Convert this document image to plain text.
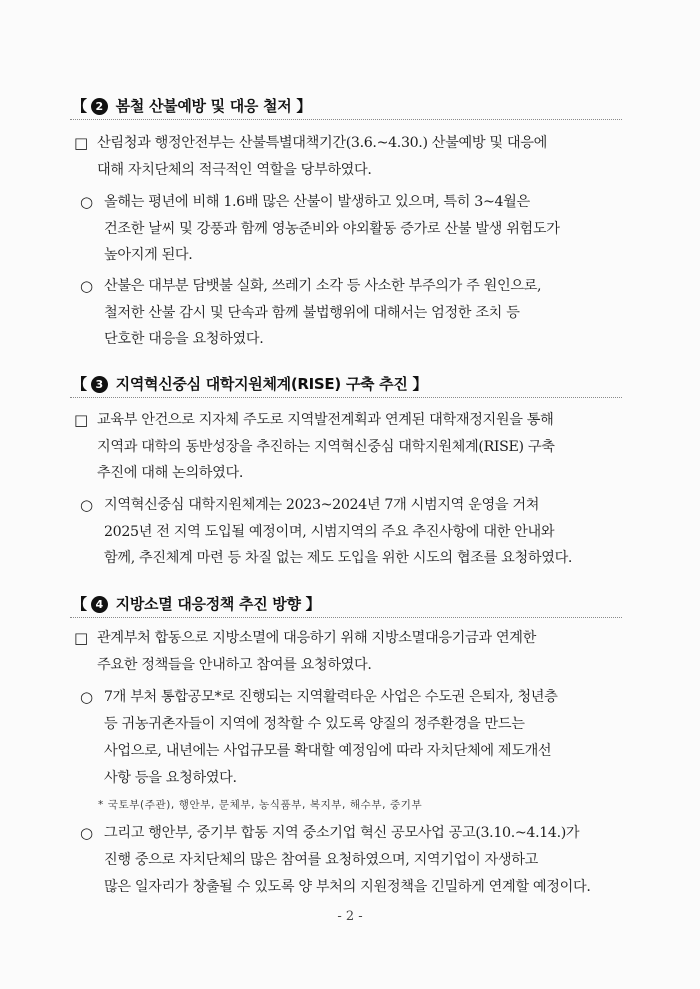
【 2 봄철 산불예방 및 대응 철저 】
□ 산림청과 행정안전부는 산불특별대책기간(3.6.~4.30.) 산불예방 및 대응에
대해 자치단체의 적극적인 역할을 당부하였다.
○ 올해는 평년에 비해 1.6배 많은 산불이 발생하고 있으며, 특히 3~4월은
건조한 날씨 및 강풍과 함께 영농준비와 야외활동 증가로 산불 발생 위험도가
높아지게 된다.
○ 산불은 대부분 담뱃불 실화, 쓰레기 소각 등 사소한 부주의가 주 원인으로,
철저한 산불 감시 및 단속과 함께 불법행위에 대해서는 엄정한 조치 등
단호한 대응을 요청하였다.
【 3 지역혁신중심 대학지원체계(RISE) 구축 추진 】
□ 교육부 안건으로 지자체 주도로 지역발전계획과 연계된 대학재정지원을 통해
지역과 대학의 동반성장을 추진하는 지역혁신중심 대학지원체계(RISE) 구축
추진에 대해 논의하였다.
○ 지역혁신중심 대학지원체계는 2023~2024년 7개 시범지역 운영을 거쳐
2025년 전 지역 도입될 예정이며, 시범지역의 주요 추진사항에 대한 안내와
함께, 추진체계 마련 등 차질 없는 제도 도입을 위한 시도의 협조를 요청하였다.
【 4 지방소멸 대응정책 추진 방향 】
□ 관계부처 합동으로 지방소멸에 대응하기 위해 지방소멸대응기금과 연계한
주요한 정책들을 안내하고 참여를 요청하였다.
○ 7개 부처 통합공모*로 진행되는 지역활력타운 사업은 수도권 은퇴자, 청년층
등 귀농귀촌자들이 지역에 정착할 수 있도록 양질의 정주환경을 만드는
사업으로, 내년에는 사업규모를 확대할 예정임에 따라 자치단체에 제도개선
사항 등을 요청하였다.
* 국토부(주관), 행안부, 문체부, 농식품부, 복지부, 해수부, 중기부
○ 그리고 행안부, 중기부 합동 지역 중소기업 혁신 공모사업 공고(3.10.~4.14.)가
진행 중으로 자치단체의 많은 참여를 요청하였으며, 지역기업이 자생하고
많은 일자리가 창출될 수 있도록 양 부처의 지원정책을 긴밀하게 연계할 예정이다.
- 2 -
